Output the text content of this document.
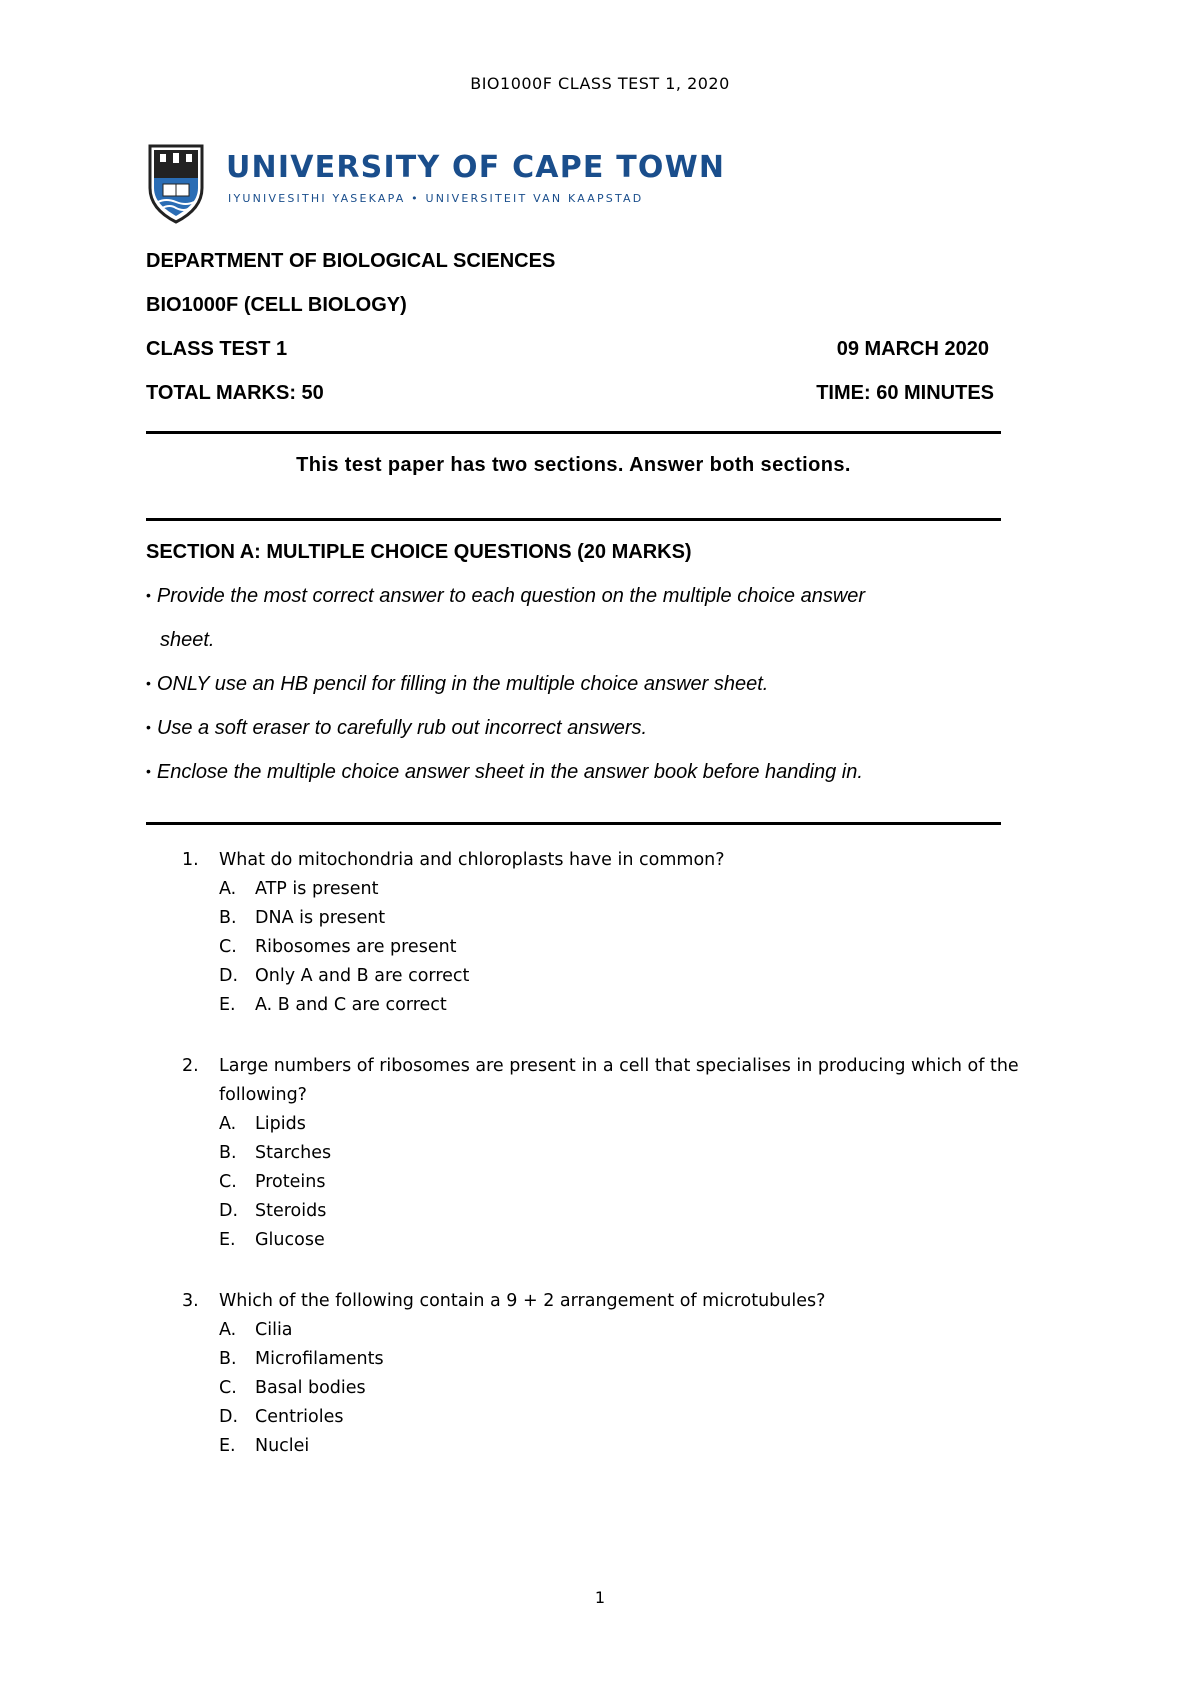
BIO1000F CLASS TEST 1, 2020
UNIVERSITY OF CAPE TOWN
IYUNIVESITHI YASEKAPA • UNIVERSITEIT VAN KAAPSTAD
DEPARTMENT OF BIOLOGICAL SCIENCES
BIO1000F (CELL BIOLOGY)
CLASS TEST 1	09 MARCH 2020
TOTAL MARKS: 50	TIME: 60 MINUTES
This test paper has two sections. Answer both sections.
SECTION A: MULTIPLE CHOICE QUESTIONS (20 MARKS)
• Provide the most correct answer to each question on the multiple choice answer
sheet.
• ONLY use an HB pencil for filling in the multiple choice answer sheet.
• Use a soft eraser to carefully rub out incorrect answers.
• Enclose the multiple choice answer sheet in the answer book before handing in.
1. What do mitochondria and chloroplasts have in common?
A. ATP is present
B. DNA is present
C. Ribosomes are present
D. Only A and B are correct
E. A. B and C are correct
2. Large numbers of ribosomes are present in a cell that specialises in producing which of the
following?
A. Lipids
B. Starches
C. Proteins
D. Steroids
E. Glucose
3. Which of the following contain a 9 + 2 arrangement of microtubules?
A. Cilia
B. Microfilaments
C. Basal bodies
D. Centrioles
E. Nuclei
1
